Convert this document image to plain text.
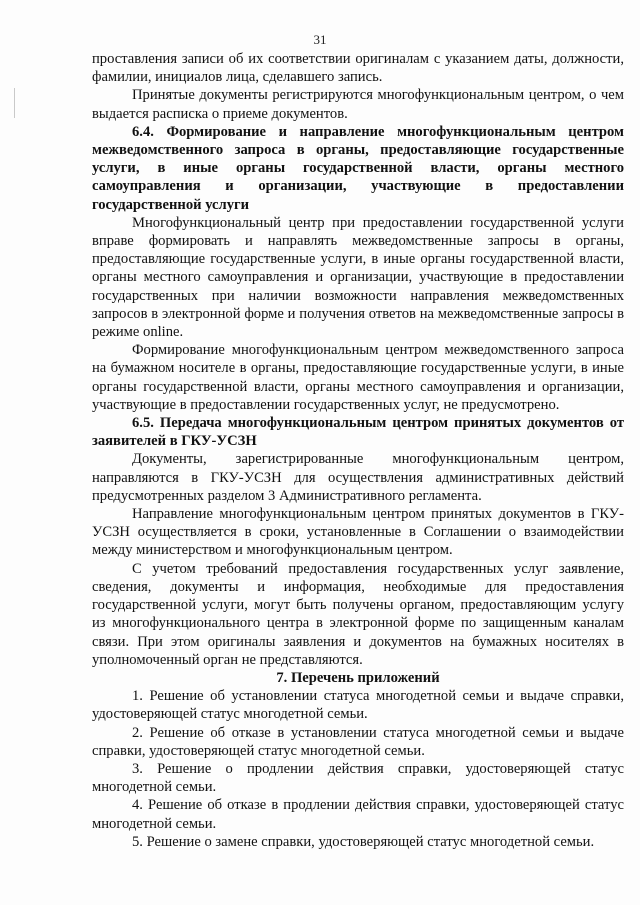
31

проставления записи об их соответствии оригиналам с указанием даты, должности, фамилии, инициалов лица, сделавшего запись.

Принятые документы регистрируются многофункциональным центром, о чем выдается расписка о приеме документов.

6.4. Формирование и направление многофункциональным центром межведомственного запроса в органы, предоставляющие государственные услуги, в иные органы государственной власти, органы местного самоуправления и организации, участвующие в предоставлении государственной услуги

Многофункциональный центр при предоставлении государственной услуги вправе формировать и направлять межведомственные запросы в органы, предоставляющие государственные услуги, в иные органы государственной власти, органы местного самоуправления и организации, участвующие в предоставлении государственных при наличии возможности направления межведомственных запросов в электронной форме и получения ответов на межведомственные запросы в режиме online.

Формирование многофункциональным центром межведомственного запроса на бумажном носителе в органы, предоставляющие государственные услуги, в иные органы государственной власти, органы местного самоуправления и организации, участвующие в предоставлении государственных услуг, не предусмотрено.

6.5. Передача многофункциональным центром принятых документов от заявителей в ГКУ-УСЗН

Документы, зарегистрированные многофункциональным центром, направляются в ГКУ-УСЗН для осуществления административных действий предусмотренных разделом 3 Административного регламента.

Направление многофункциональным центром принятых документов в ГКУ-УСЗН осуществляется в сроки, установленные в Соглашении о взаимодействии между министерством и многофункциональным центром.

С учетом требований предоставления государственных услуг заявление, сведения, документы и информация, необходимые для предоставления государственной услуги, могут быть получены органом, предоставляющим услугу из многофункционального центра в электронной форме по защищенным каналам связи. При этом оригиналы заявления и документов на бумажных носителях в уполномоченный орган не представляются.

7. Перечень приложений

1. Решение об установлении статуса многодетной семьи и выдаче справки, удостоверяющей статус многодетной семьи.

2. Решение об отказе в установлении статуса многодетной семьи и выдаче справки, удостоверяющей статус многодетной семьи.

3. Решение о продлении действия справки, удостоверяющей статус многодетной семьи.

4. Решение об отказе в продлении действия справки, удостоверяющей статус многодетной семьи.

5. Решение о замене справки, удостоверяющей статус многодетной семьи.
